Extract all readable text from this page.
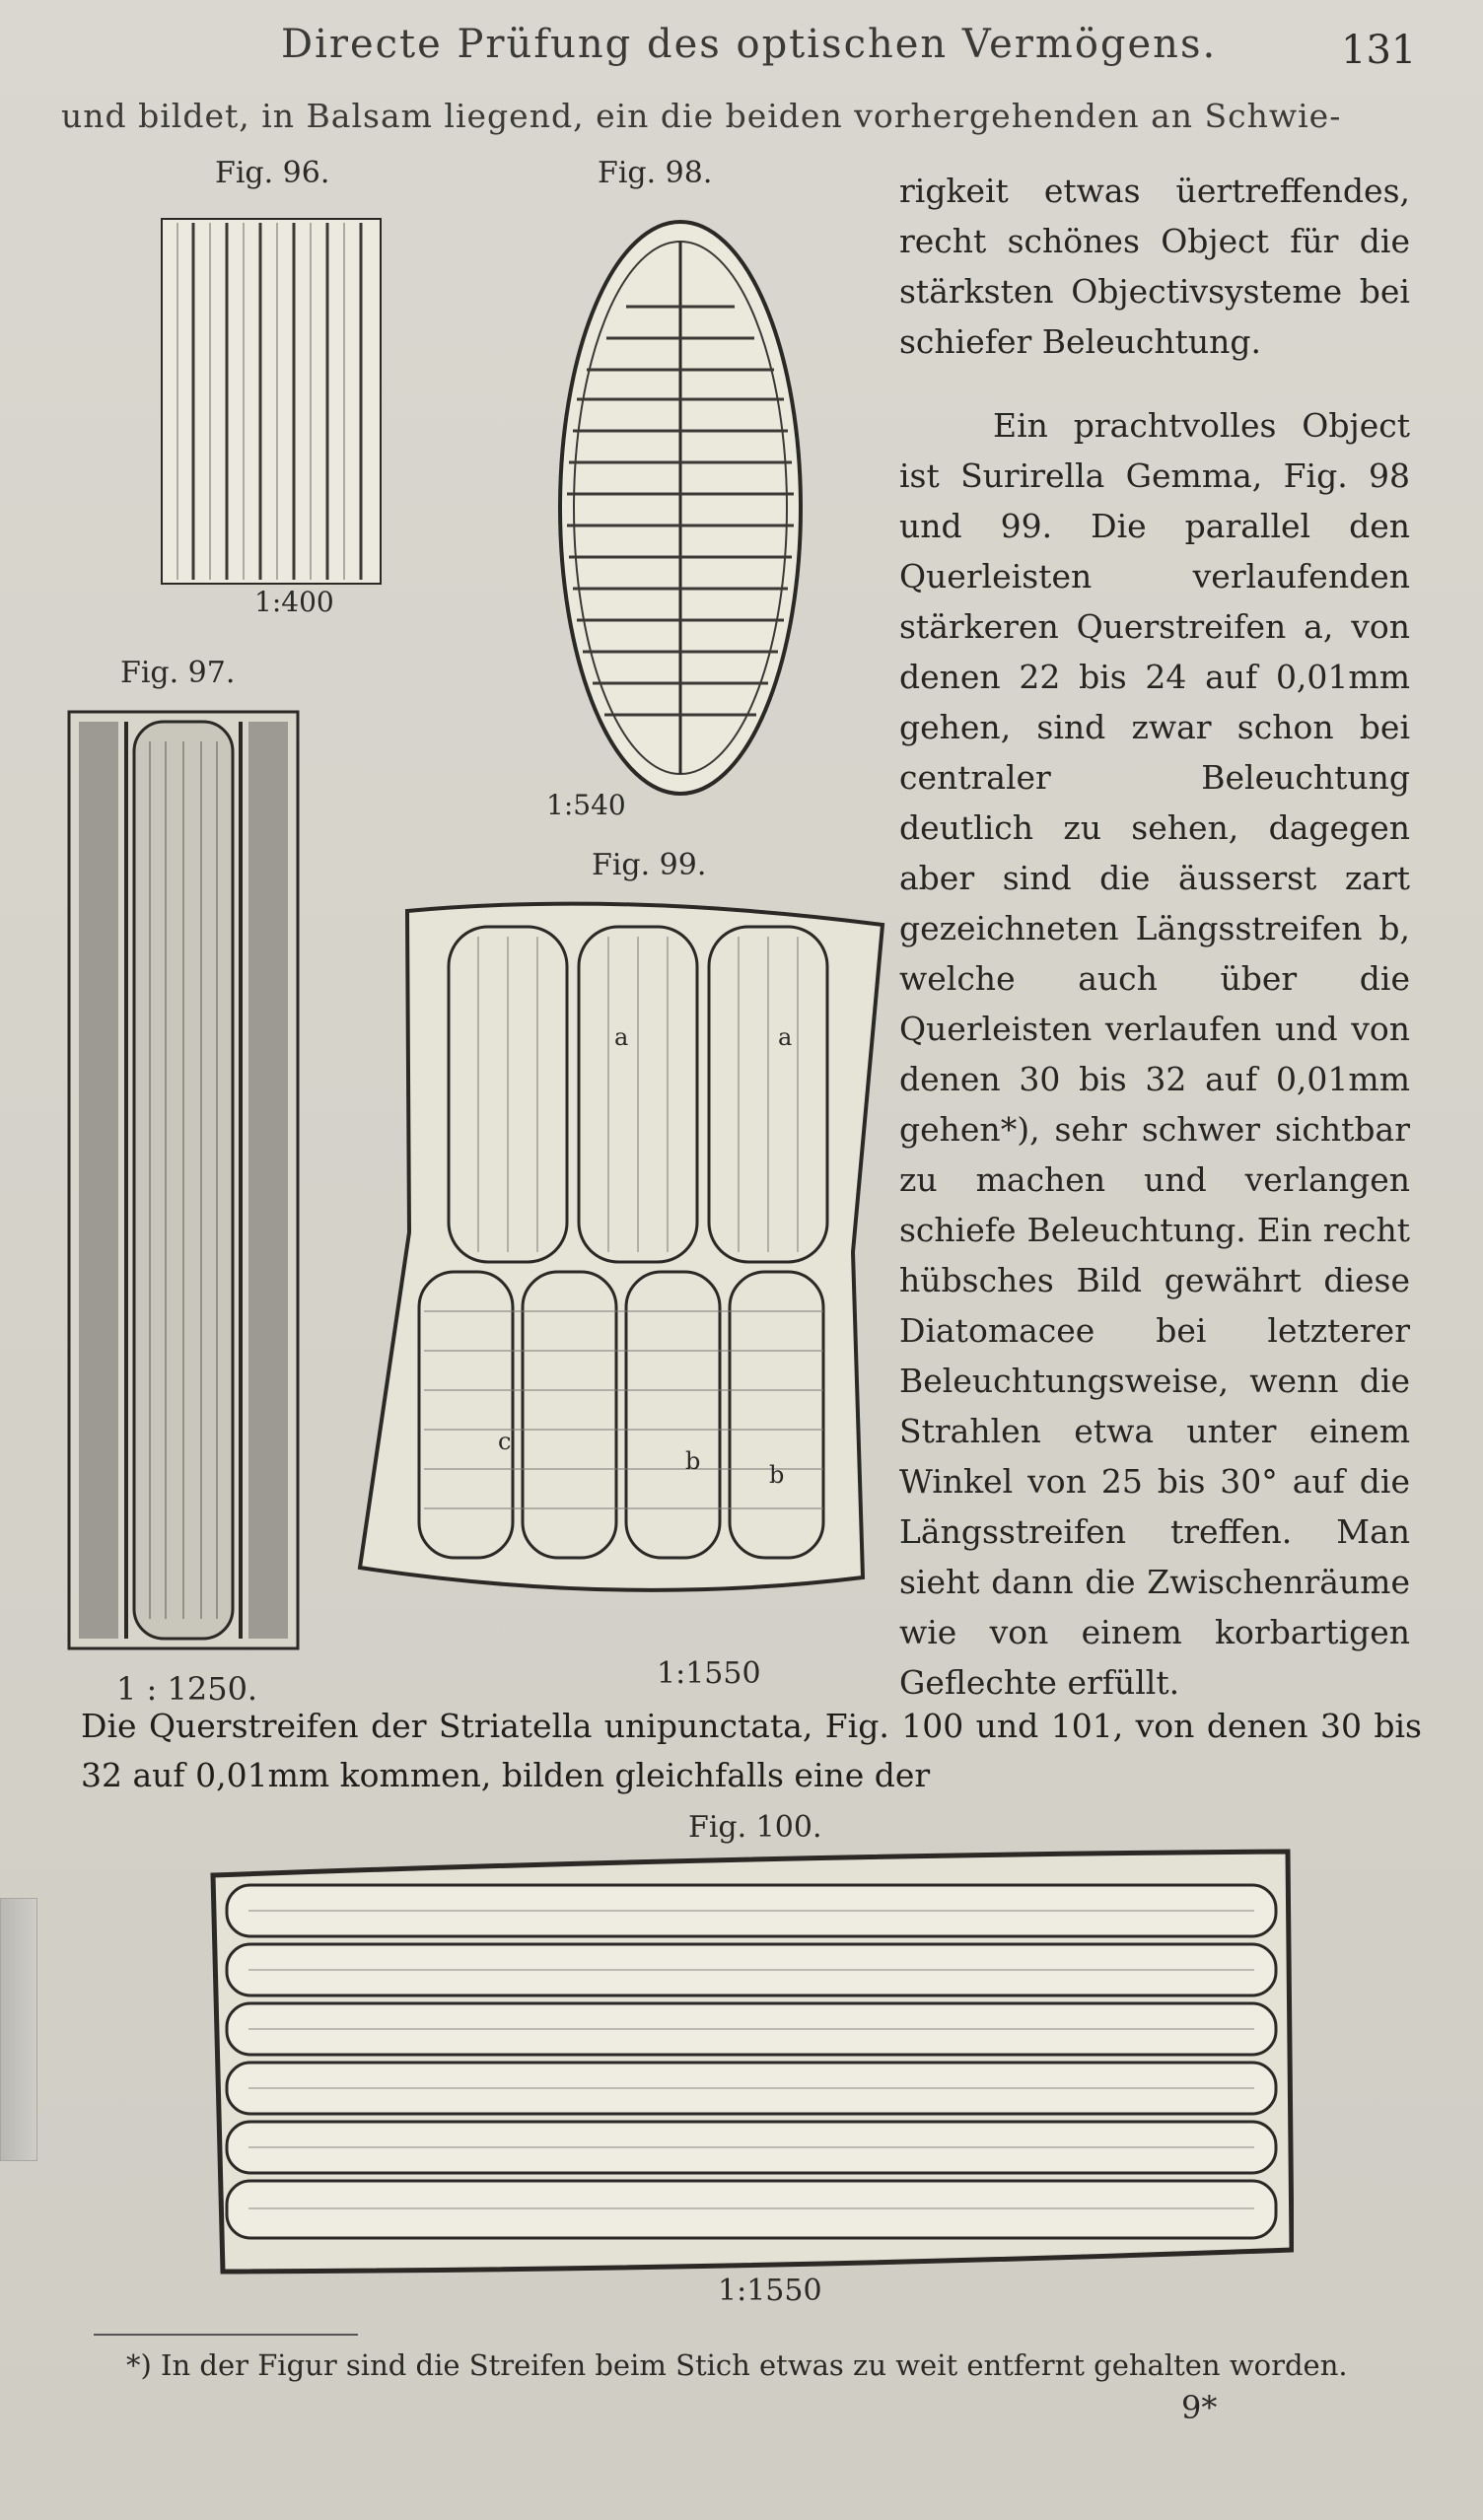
Directe Prüfung des optischen Vermögens.	131
und bildet, in Balsam liegend, ein die beiden vorhergehenden an Schwie-
Fig. 96.
1:400
Fig. 98.
1:540
Fig. 97.
1 : 1250.
Fig. 99.
a	a
c
b	b
1:1550

rigkeit etwas üertreffendes, recht schönes Object für die stärksten Objectivsysteme bei schiefer Beleuchtung.

Ein prachtvolles Object ist Surirella Gemma, Fig. 98 und 99. Die parallel den Querleisten verlaufenden stärkeren Querstreifen a, von denen 22 bis 24 auf 0,01mm gehen, sind zwar schon bei centraler Beleuchtung deutlich zu sehen, dagegen aber sind die äusserst zart gezeichneten Längsstreifen b, welche auch über die Querleisten verlaufen und von denen 30 bis 32 auf 0,01mm gehen*), sehr schwer sichtbar zu machen und verlangen schiefe Beleuchtung. Ein recht hübsches Bild gewährt diese Diatomacee bei letzterer Beleuchtungsweise, wenn die Strahlen etwa unter einem Winkel von 25 bis 30° auf die Längsstreifen treffen. Man sieht dann die Zwischenräume wie von einem korbartigen Geflechte erfüllt.

Die Querstreifen der Striatella unipunctata, Fig. 100 und 101, von denen 30 bis 32 auf 0,01mm kommen, bilden gleichfalls eine der
Fig. 100.
1:1550
*) In der Figur sind die Streifen beim Stich etwas zu weit entfernt gehalten worden.
9*
